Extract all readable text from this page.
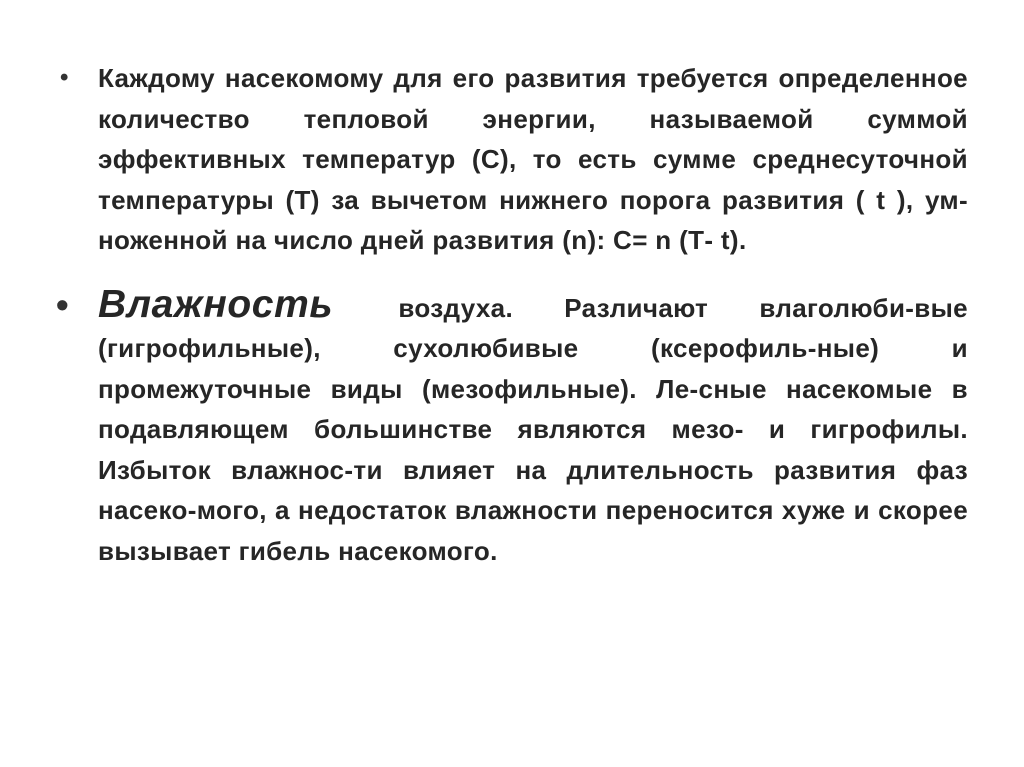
• Каждому насекомому для его развития требуется определенное количество тепловой энергии, называемой суммой эффективных температур (С), то есть сумме среднесуточной температуры (Т) за вычетом нижнего порога развития ( t ), ум-ноженной на число дней развития (n): С= n (Т- t).
• Влажность	воздуха. Различают влаголюби-вые (гигрофильные), сухолюбивые (ксерофиль-ные) и промежуточные виды (мезофильные). Ле-сные насекомые в подавляющем большинстве являются мезо- и гигрофилы. Избыток влажнос-ти влияет на длительность развития фаз насеко-мого, а недостаток влажности переносится хуже и скорее вызывает гибель насекомого.
